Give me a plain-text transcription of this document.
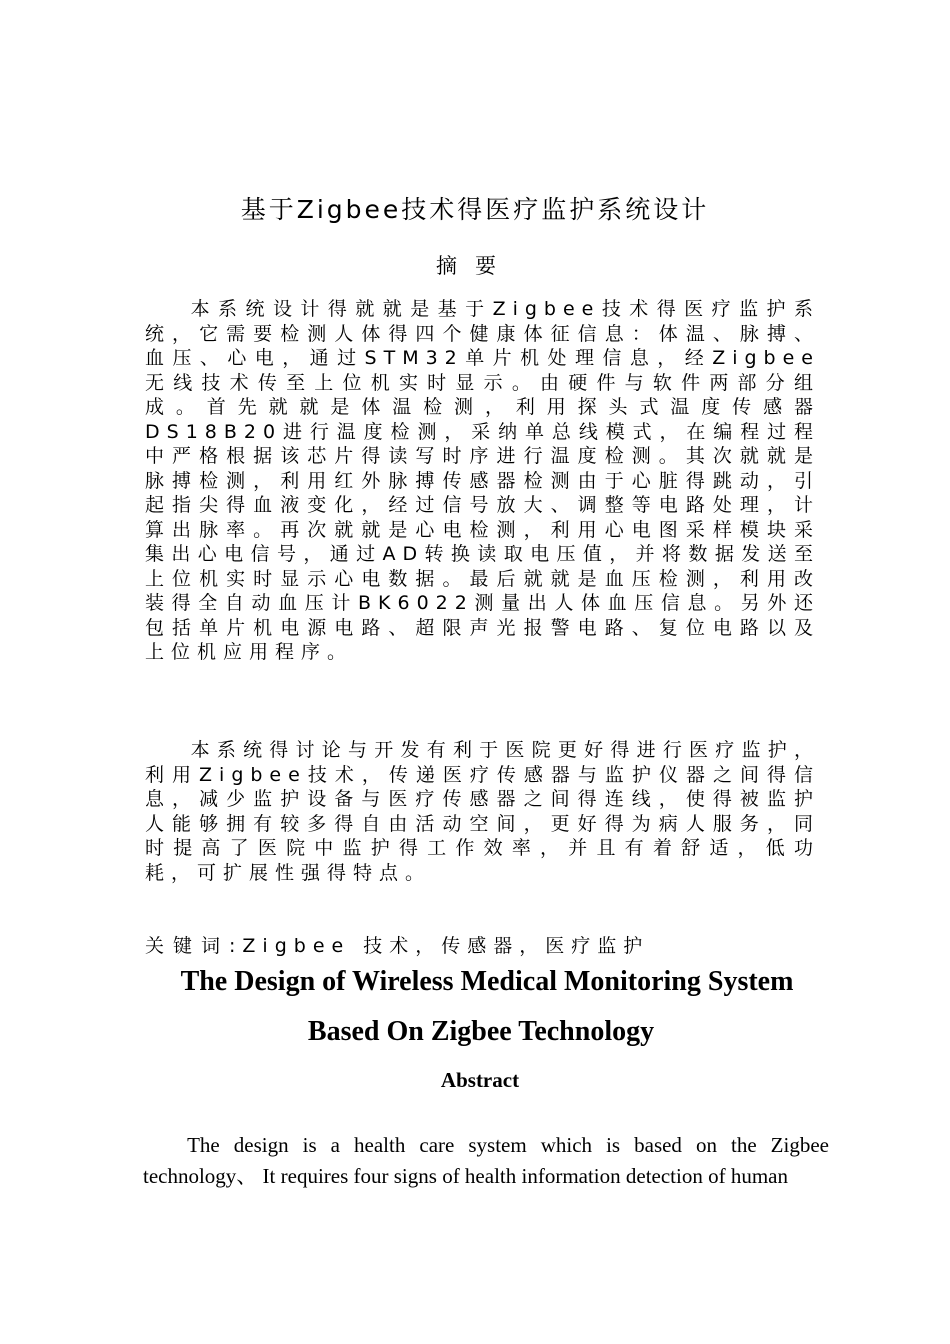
基于Zigbee技术得医疗监护系统设计
摘要

本系统设计得就就是基于Zigbee技术得医疗监护系统，它需要检测人体得四个健康体征信息：体温、脉搏、血压、心电，通过STM32单片机处理信息，经Zigbee无线技术传至上位机实时显示。由硬件与软件两部分组成。首先就就是体温检测，利用探头式温度传感器DS18B20进行温度检测，采纳单总线模式，在编程过程中严格根据该芯片得读写时序进行温度检测。其次就就是脉搏检测，利用红外脉搏传感器检测由于心脏得跳动，引起指尖得血液变化，经过信号放大、调整等电路处理，计算出脉率。再次就就是心电检测，利用心电图采样模块采集出心电信号，通过AD转换读取电压值，并将数据发送至上位机实时显示心电数据。最后就就是血压检测，利用改装得全自动血压计BK6022测量出人体血压信息。另外还包括单片机电源电路、超限声光报警电路、复位电路以及上位机应用程序。

本系统得讨论与开发有利于医院更好得进行医疗监护，利用Zigbee技术，传递医疗传感器与监护仪器之间得信息，减少监护设备与医疗传感器之间得连线，使得被监护人能够拥有较多得自由活动空间，更好得为病人服务，同时提高了医院中监护得工作效率，并且有着舒适，低功耗，可扩展性强得特点。

关键词:Zigbee 技术，传感器，医疗监护

The Design of Wireless Medical Monitoring System
Based On Zigbee Technology
Abstract

The design is a health care system which is based on the Zigbee technology、 It requires four signs of health information detection of human
